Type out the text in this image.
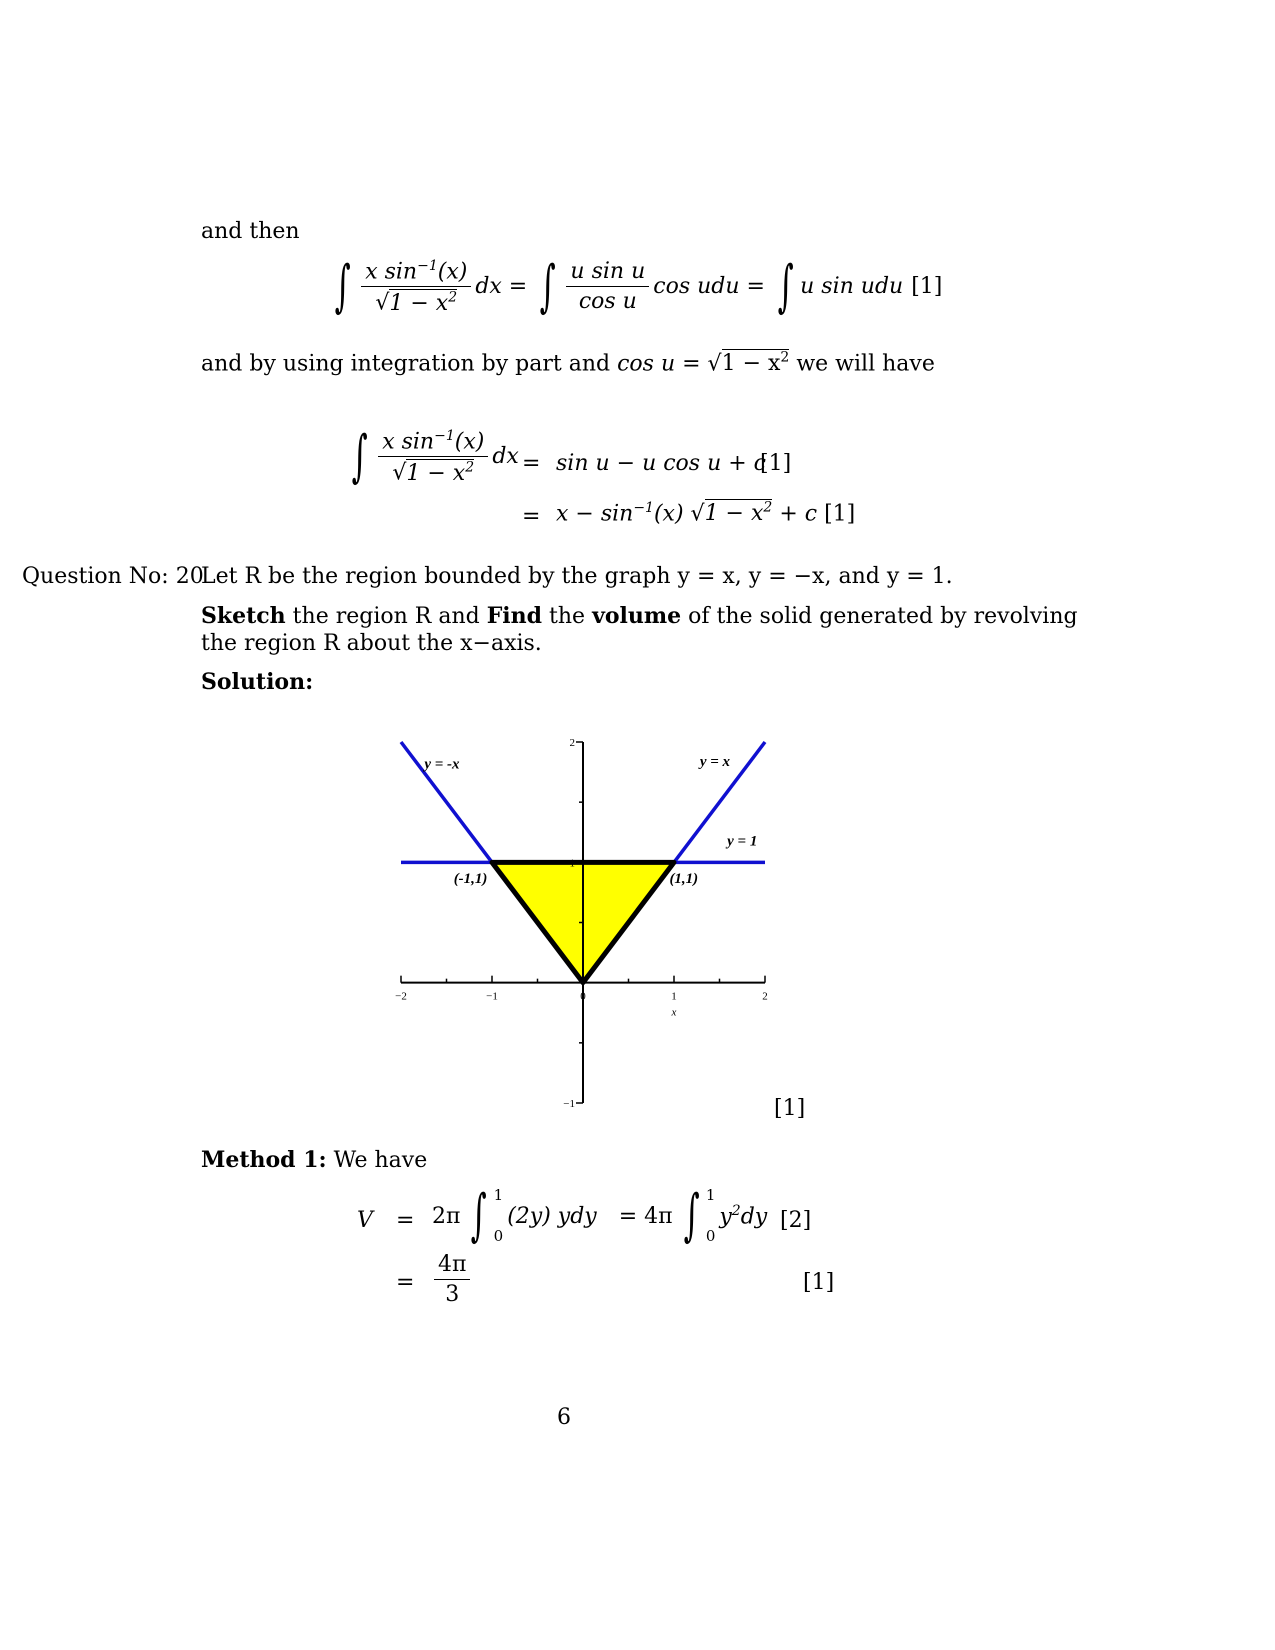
and then
∫ $\frac{x \sin^{-1}(x)}{√1 - x^2}$ dx = ∫ $\frac{\text{u sin u}}{\text{cos u}}$ cos udu = ∫ u sin udu [1]
and by using integration by part and $\cos u = √1 - x^2$ we will have
∫ $\frac{x \sin^{-1}(x)}{√1 - x^2}$ dx = sin u − u cos u + c
[1]
= $x - \sin^{-1}(x) √1 - x^2 + c$ [1]
Question No: 20
Let R be the region bounded by the graph y = x, y = −x, and y = 1.
Sketch the region R and Find the volume of the solid generated by revolving
the region R about the x−axis.
Solution:
−2	−1	0	1	2
2
1
−1
x
y = -x	y = x
y = 1
(-1,1)	(1,1)
[1]
Method 1: We have
V = 2π ∫ 1
0
(2y) ydy = 4π ∫ 1
0
$y^2dy$ [2]
= $\frac{4\pi}{3}$	[1]
6
